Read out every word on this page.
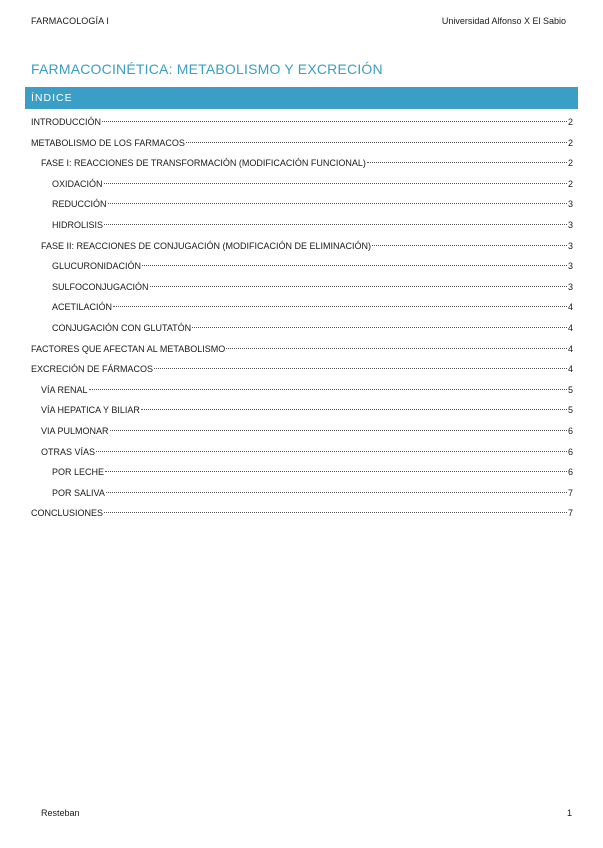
FARMACOLOGÍA I	Universidad Alfonso X El Sabio
FARMACOCINÉTICA: METABOLISMO Y EXCRECIÓN
ÍNDICE
INTRODUCCIÓN	2
METABOLISMO DE LOS FARMACOS	2
FASE I: REACCIONES DE TRANSFORMACIÓN (MODIFICACIÓN FUNCIONAL)	2
OXIDACIÓN	2
REDUCCIÓN	3
HIDROLISIS	3
FASE II: REACCIONES DE CONJUGACIÓN (MODIFICACIÓN DE ELIMINACIÓN)	3
GLUCURONIDACIÓN	3
SULFOCONJUGACIÓN	3
ACETILACIÓN	4
CONJUGACIÓN CON GLUTATÓN	4
FACTORES QUE AFECTAN AL METABOLISMO	4
EXCRECIÓN DE FÁRMACOS	4
VÍA RENAL	5
VÍA HEPATICA Y BILIAR	5
VIA PULMONAR	6
OTRAS VÍAS	6
POR LECHE	6
POR SALIVA	7
CONCLUSIONES	7
Resteban	1
